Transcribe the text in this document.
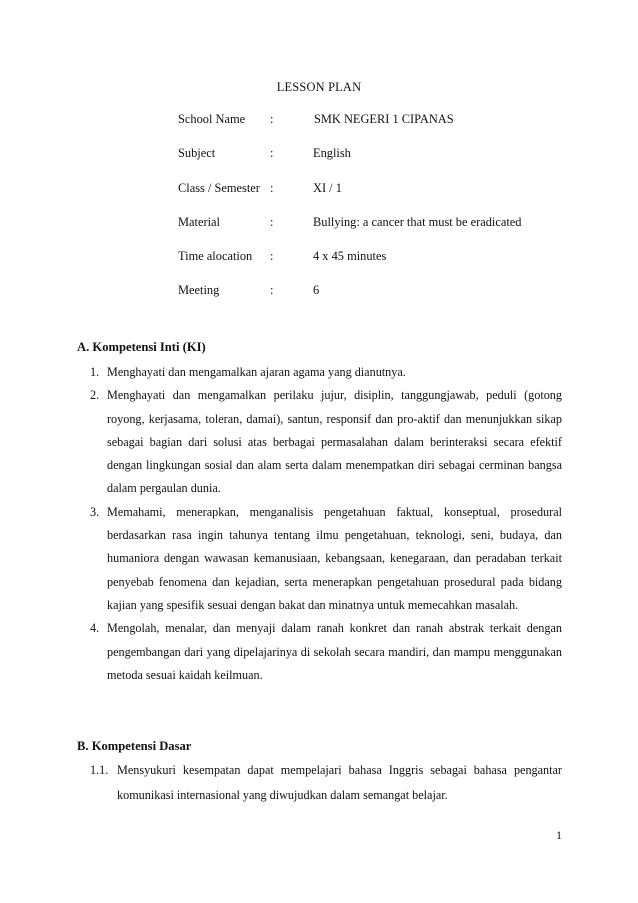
LESSON PLAN
School Name	:	SMK NEGERI 1 CIPANAS
Subject	:	English
Class / Semester	:	XI / 1
Material	:	Bullying: a cancer that must be eradicated
Time alocation	:	4 x 45 minutes
Meeting	:	6
A. Kompetensi Inti (KI)
1. Menghayati dan mengamalkan ajaran agama yang dianutnya.
2. Menghayati dan mengamalkan perilaku jujur, disiplin, tanggungjawab, peduli (gotong royong, kerjasama, toleran, damai), santun, responsif dan pro-aktif dan menunjukkan sikap sebagai bagian dari solusi atas berbagai permasalahan dalam berinteraksi secara efektif dengan lingkungan sosial dan alam serta dalam menempatkan diri sebagai cerminan bangsa dalam pergaulan dunia.
3. Memahami, menerapkan, menganalisis pengetahuan faktual, konseptual, prosedural berdasarkan rasa ingin tahunya tentang ilmu pengetahuan, teknologi, seni, budaya, dan humaniora dengan wawasan kemanusiaan, kebangsaan, kenegaraan, dan peradaban terkait penyebab fenomena dan kejadian, serta menerapkan pengetahuan prosedural pada bidang kajian yang spesifik sesuai dengan bakat dan minatnya untuk memecahkan masalah.
4. Mengolah, menalar, dan menyaji dalam ranah konkret dan ranah abstrak terkait dengan pengembangan dari yang dipelajarinya di sekolah secara mandiri, dan mampu menggunakan metoda sesuai kaidah keilmuan.
B. Kompetensi Dasar
1.1. Mensyukuri kesempatan dapat mempelajari bahasa Inggris sebagai bahasa pengantar komunikasi internasional yang diwujudkan dalam semangat belajar.
1
